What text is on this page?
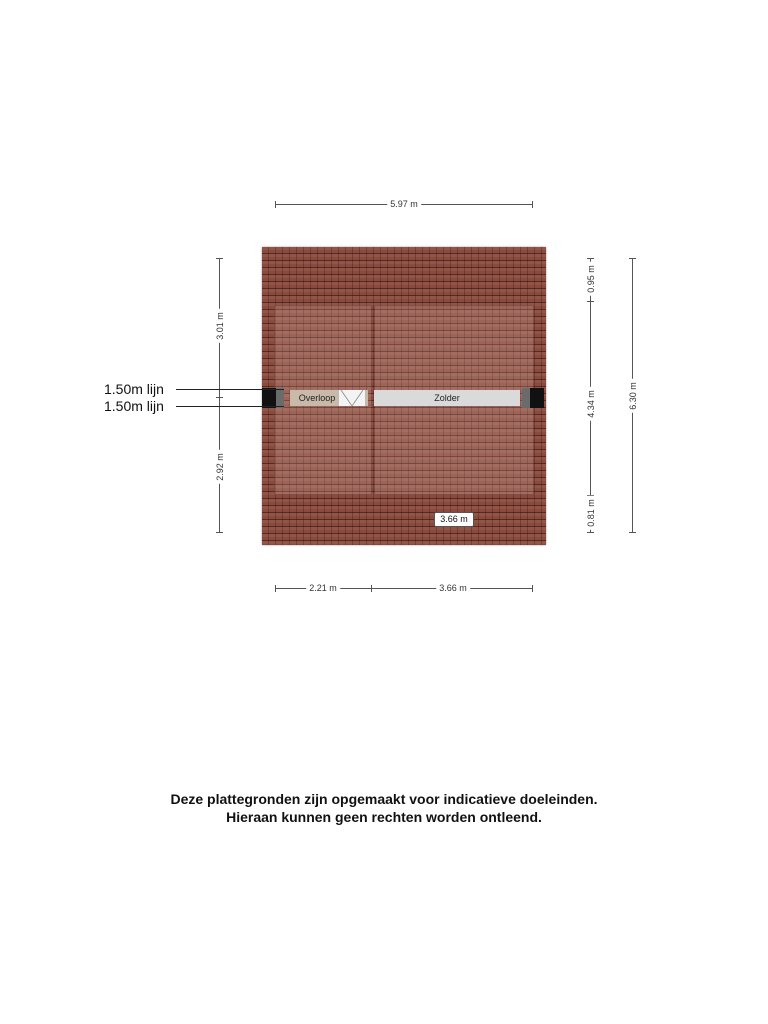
5.97 m
3.01 m
2.92 m
0.95 m
4.34 m
0.81 m
6.30 m
2.21 m	3.66 m
Overloop	Zolder
3.66 m
1.50m lijn
1.50m lijn
Deze plattegronden zijn opgemaakt voor indicatieve doeleinden.
Hieraan kunnen geen rechten worden ontleend.
